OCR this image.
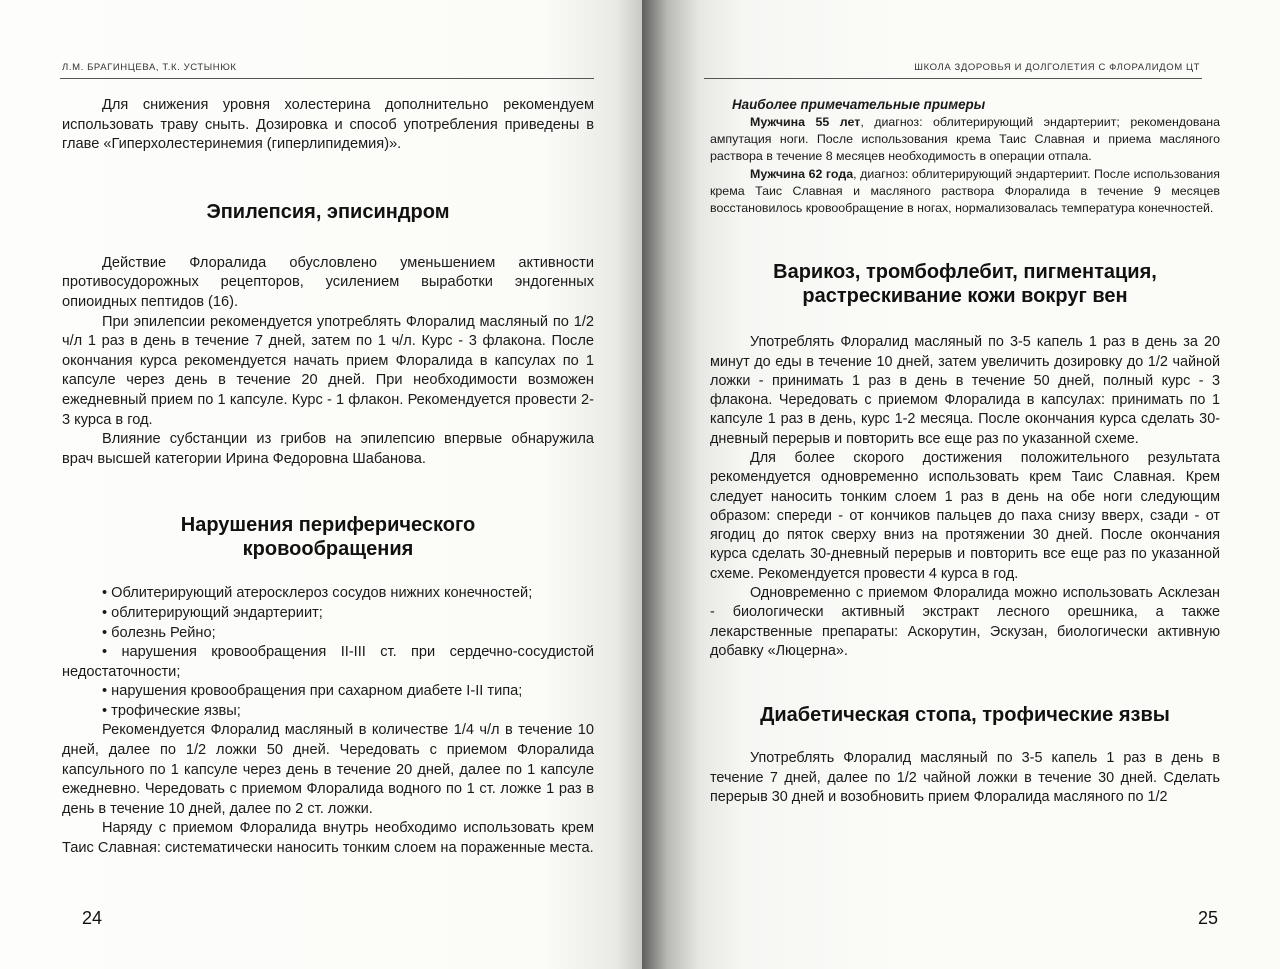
Л.М. БРАГИНЦЕВА, Т.К. УСТЫНЮК

Для снижения уровня холестерина дополнительно рекомендуем использовать траву сныть. Дозировка и способ употребления приведены в главе «Гиперхолестеринемия (гиперлипидемия)».

Эпилепсия, эписиндром

Действие Флоралида обусловлено уменьшением активности противосудорожных рецепторов, усилением выработки эндогенных опиоидных пептидов (16).

При эпилепсии рекомендуется употреблять Флоралид масляный по 1/2 ч/л 1 раз в день в течение 7 дней, затем по 1 ч/л. Курс - 3 флакона. После окончания курса рекомендуется начать прием Флоралида в капсулах по 1 капсуле через день в течение 20 дней. При необходимости возможен ежедневный прием по 1 капсуле. Курс - 1 флакон. Рекомендуется провести 2-3 курса в год.

Влияние субстанции из грибов на эпилепсию впервые обнаружила врач высшей категории Ирина Федоровна Шабанова.

Нарушения периферического
кровообращения

• Облитерирующий атеросклероз сосудов нижних конечностей;

• облитерирующий эндартериит;

• болезнь Рейно;

• нарушения кровообращения II-III ст. при сердечно-сосудистой недостаточности;

• нарушения кровообращения при сахарном диабете I-II типа;

• трофические язвы;

Рекомендуется Флоралид масляный в количестве 1/4 ч/л в течение 10 дней, далее по 1/2 ложки 50 дней. Чередовать с приемом Флоралида капсульного по 1 капсуле через день в течение 20 дней, далее по 1 капсуле ежедневно. Чередовать с приемом Флоралида водного по 1 ст. ложке 1 раз в день в течение 10 дней, далее по 2 ст. ложки.

Наряду с приемом Флоралида внутрь необходимо использовать крем Таис Славная: систематически наносить тонким слоем на пораженные места.

24
ШКОЛА ЗДОРОВЬЯ И ДОЛГОЛЕТИЯ С ФЛОРАЛИДОМ ЦТ
Наиболее примечательные примеры

Мужчина 55 лет, диагноз: облитерирующий эндартериит; рекомендована ампутация ноги. После использования крема Таис Славная и приема масляного раствора в течение 8 месяцев необходимость в операции отпала.

Мужчина 62 года, диагноз: облитерирующий эндартериит. После использования крема Таис Славная и масляного раствора Флоралида в течение 9 месяцев восстановилось кровообращение в ногах, нормализовалась температура конечностей.

Варикоз, тромбофлебит, пигментация,
растрескивание кожи вокруг вен

Употреблять Флоралид масляный по 3-5 капель 1 раз в день за 20 минут до еды в течение 10 дней, затем увеличить дозировку до 1/2 чайной ложки - принимать 1 раз в день в течение 50 дней, полный курс - 3 флакона. Чередовать с приемом Флоралида в капсулах: принимать по 1 капсуле 1 раз в день, курс 1-2 месяца. После окончания курса сделать 30-дневный перерыв и повторить все еще раз по указанной схеме.

Для более скорого достижения положительного результата рекомендуется одновременно использовать крем Таис Славная. Крем следует наносить тонким слоем 1 раз в день на обе ноги следующим образом: спереди - от кончиков пальцев до паха снизу вверх, сзади - от ягодиц до пяток сверху вниз на протяжении 30 дней. После окончания курса сделать 30-дневный перерыв и повторить все еще раз по указанной схеме. Рекомендуется провести 4 курса в год.

Одновременно с приемом Флоралида можно использовать Асклезан - биологически активный экстракт лесного орешника, а также лекарственные препараты: Аскорутин, Эскузан, биологически активную добавку «Люцерна».

Диабетическая стопа, трофические язвы

Употреблять Флоралид масляный по 3-5 капель 1 раз в день в течение 7 дней, далее по 1/2 чайной ложки в течение 30 дней. Сделать перерыв 30 дней и возобновить прием Флоралида масляного по 1/2

25
